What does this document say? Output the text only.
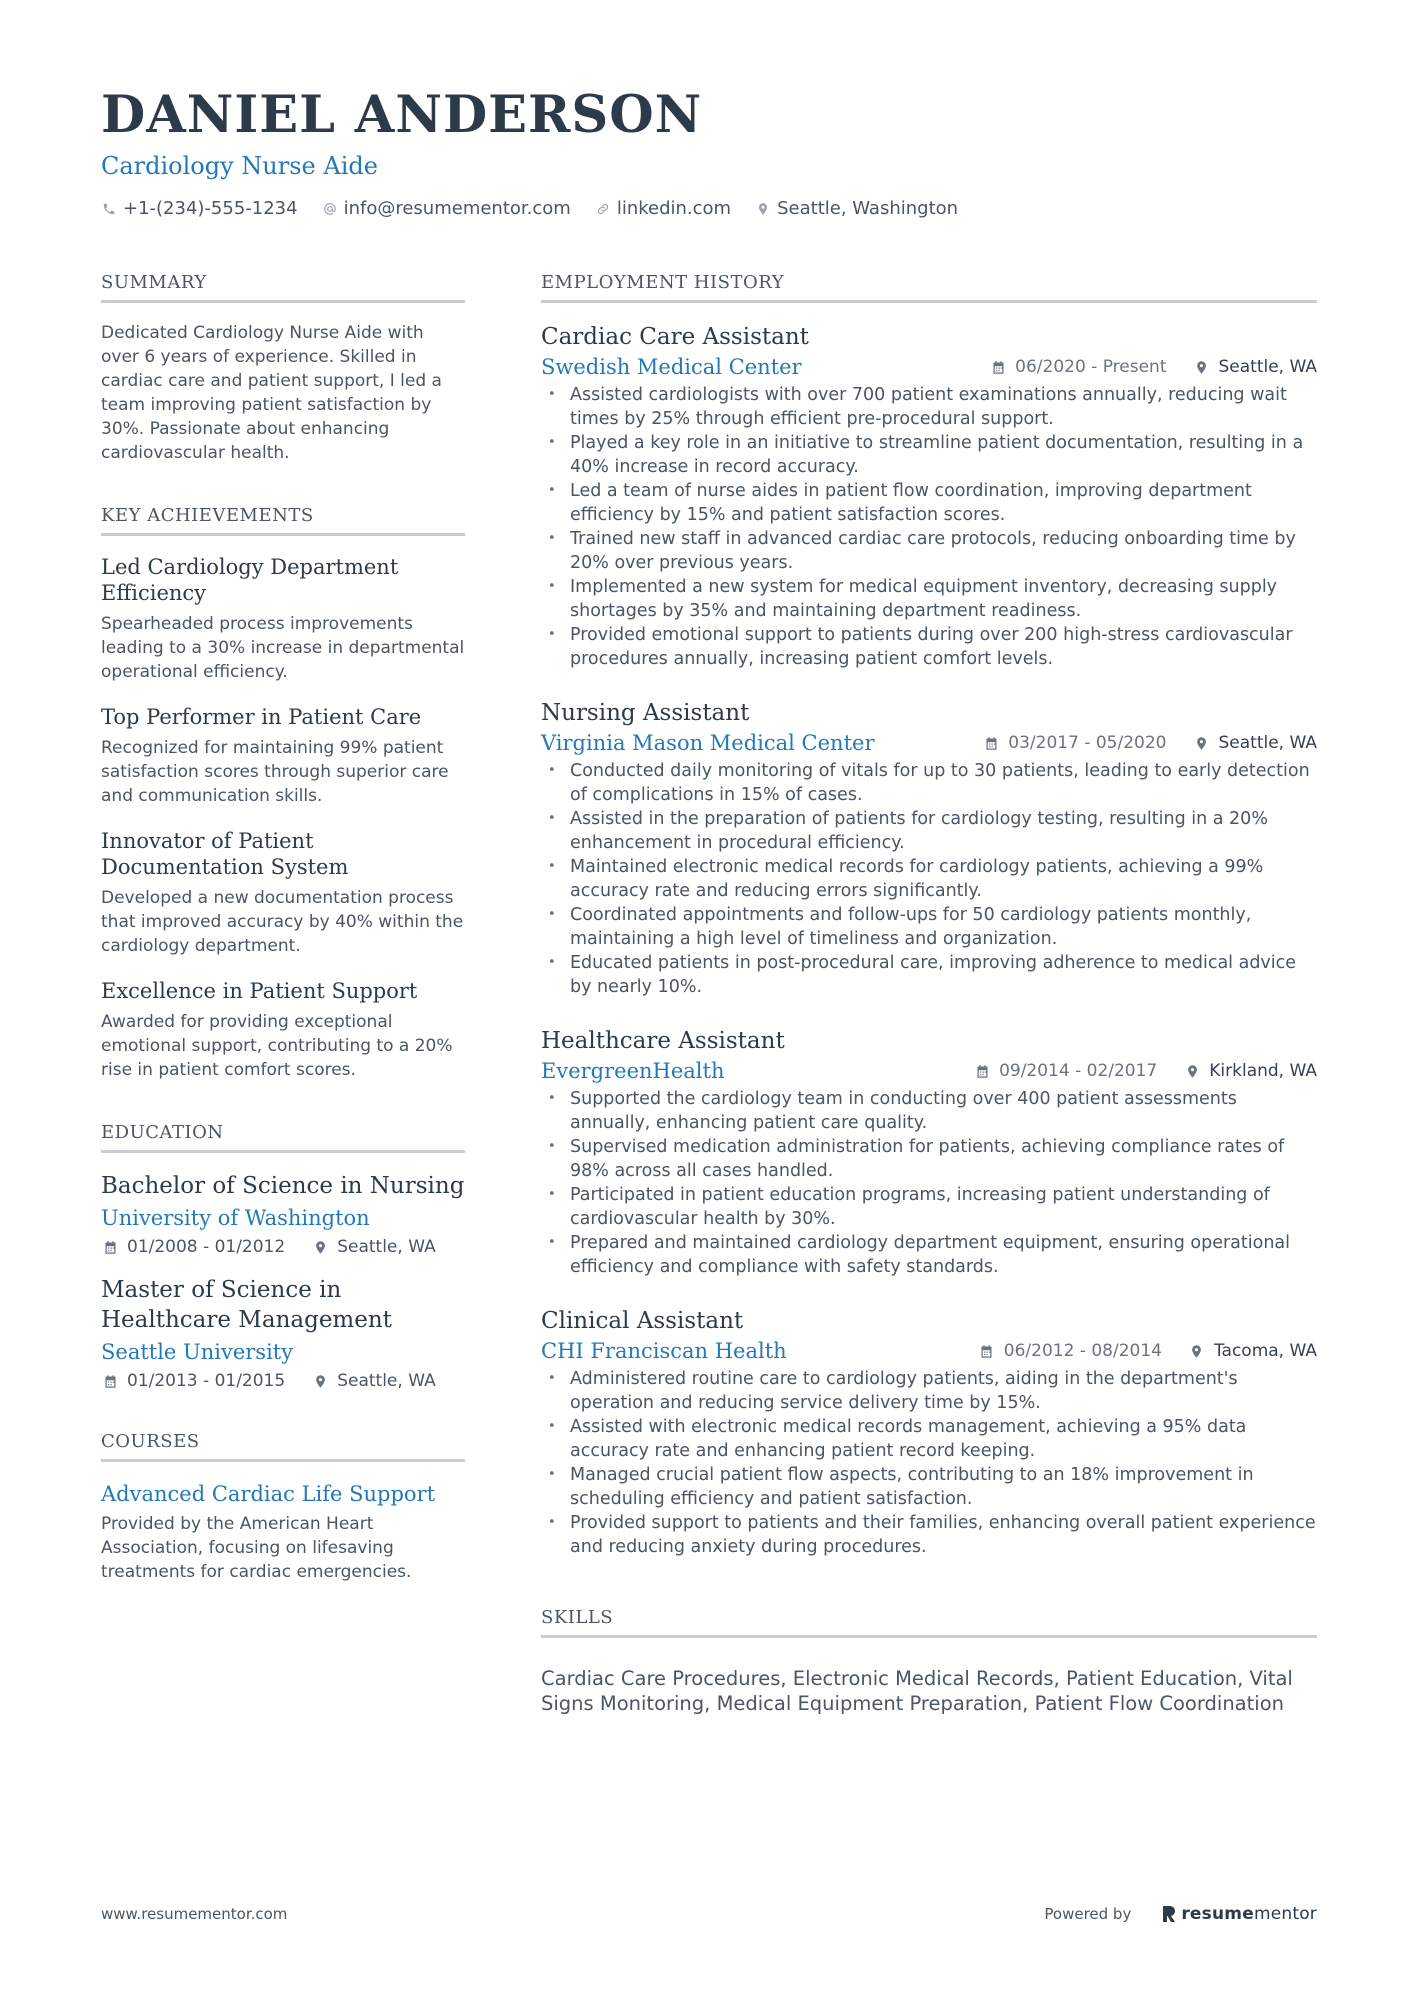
DANIEL ANDERSON
Cardiology Nurse Aide
+1-(234)-555-1234	info@resumementor.com	linkedin.com	Seattle, Washington
SUMMARY
Dedicated Cardiology Nurse Aide with over 6 years of experience. Skilled in cardiac care and patient support, I led a team improving patient satisfaction by 30%. Passionate about enhancing cardiovascular health.
KEY ACHIEVEMENTS
Led Cardiology Department Efficiency
Spearheaded process improvements leading to a 30% increase in departmental operational efficiency.
Top Performer in Patient Care
Recognized for maintaining 99% patient satisfaction scores through superior care and communication skills.
Innovator of Patient Documentation System
Developed a new documentation process that improved accuracy by 40% within the cardiology department.
Excellence in Patient Support
Awarded for providing exceptional emotional support, contributing to a 20% rise in patient comfort scores.
EDUCATION
Bachelor of Science in Nursing
University of Washington
01/2008 - 01/2012	Seattle, WA
Master of Science in Healthcare Management
Seattle University
01/2013 - 01/2015	Seattle, WA
COURSES
Advanced Cardiac Life Support
Provided by the American Heart Association, focusing on lifesaving treatments for cardiac emergencies.
EMPLOYMENT HISTORY
Cardiac Care Assistant
Swedish Medical Center	06/2020 - Present	Seattle, WA
• Assisted cardiologists with over 700 patient examinations annually, reducing wait times by 25% through efficient pre-procedural support.
• Played a key role in an initiative to streamline patient documentation, resulting in a 40% increase in record accuracy.
• Led a team of nurse aides in patient flow coordination, improving department efficiency by 15% and patient satisfaction scores.
• Trained new staff in advanced cardiac care protocols, reducing onboarding time by 20% over previous years.
• Implemented a new system for medical equipment inventory, decreasing supply shortages by 35% and maintaining department readiness.
• Provided emotional support to patients during over 200 high-stress cardiovascular procedures annually, increasing patient comfort levels.
Nursing Assistant
Virginia Mason Medical Center	03/2017 - 05/2020	Seattle, WA
• Conducted daily monitoring of vitals for up to 30 patients, leading to early detection of complications in 15% of cases.
• Assisted in the preparation of patients for cardiology testing, resulting in a 20% enhancement in procedural efficiency.
• Maintained electronic medical records for cardiology patients, achieving a 99% accuracy rate and reducing errors significantly.
• Coordinated appointments and follow-ups for 50 cardiology patients monthly, maintaining a high level of timeliness and organization.
• Educated patients in post-procedural care, improving adherence to medical advice by nearly 10%.
Healthcare Assistant
EvergreenHealth	09/2014 - 02/2017	Kirkland, WA
• Supported the cardiology team in conducting over 400 patient assessments annually, enhancing patient care quality.
• Supervised medication administration for patients, achieving compliance rates of 98% across all cases handled.
• Participated in patient education programs, increasing patient understanding of cardiovascular health by 30%.
• Prepared and maintained cardiology department equipment, ensuring operational efficiency and compliance with safety standards.
Clinical Assistant
CHI Franciscan Health	06/2012 - 08/2014	Tacoma, WA
• Administered routine care to cardiology patients, aiding in the department's operation and reducing service delivery time by 15%.
• Assisted with electronic medical records management, achieving a 95% data accuracy rate and enhancing patient record keeping.
• Managed crucial patient flow aspects, contributing to an 18% improvement in scheduling efficiency and patient satisfaction.
• Provided support to patients and their families, enhancing overall patient experience and reducing anxiety during procedures.
SKILLS
Cardiac Care Procedures, Electronic Medical Records, Patient Education, Vital Signs Monitoring, Medical Equipment Preparation, Patient Flow Coordination
www.resumementor.com	Powered by	resumementor
